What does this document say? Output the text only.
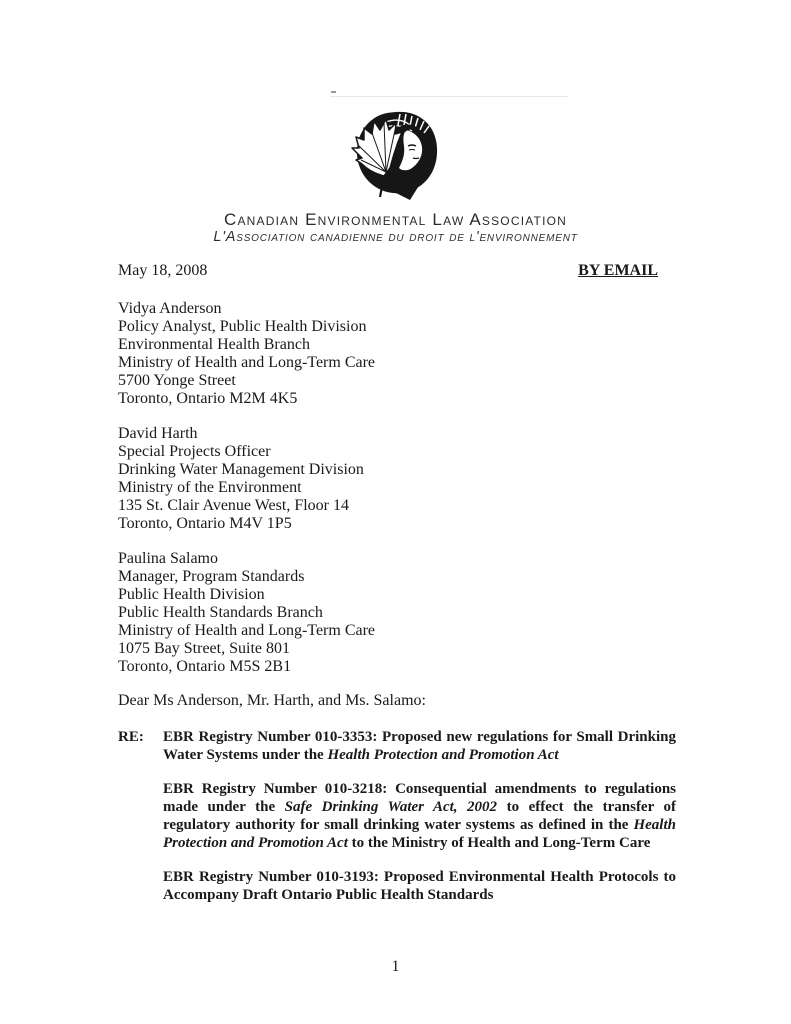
Canadian Environmental Law Association
L'Association canadienne du droit de l'environnement
May 18, 2008	BY EMAIL
Vidya Anderson
Policy Analyst, Public Health Division
Environmental Health Branch
Ministry of Health and Long-Term Care
5700 Yonge Street
Toronto, Ontario M2M 4K5
David Harth
Special Projects Officer
Drinking Water Management Division
Ministry of the Environment
135 St. Clair Avenue West, Floor 14
Toronto, Ontario M4V 1P5
Paulina Salamo
Manager, Program Standards
Public Health Division
Public Health Standards Branch
Ministry of Health and Long-Term Care
1075 Bay Street, Suite 801
Toronto, Ontario M5S 2B1
Dear Ms Anderson, Mr. Harth, and Ms. Salamo:
RE:	EBR Registry Number 010-3353: Proposed new regulations for Small Drinking Water Systems under the Health Protection and Promotion Act
EBR Registry Number 010-3218: Consequential amendments to regulations made under the Safe Drinking Water Act, 2002 to effect the transfer of regulatory authority for small drinking water systems as defined in the Health Protection and Promotion Act to the Ministry of Health and Long-Term Care
EBR Registry Number 010-3193: Proposed Environmental Health Protocols to Accompany Draft Ontario Public Health Standards
1
